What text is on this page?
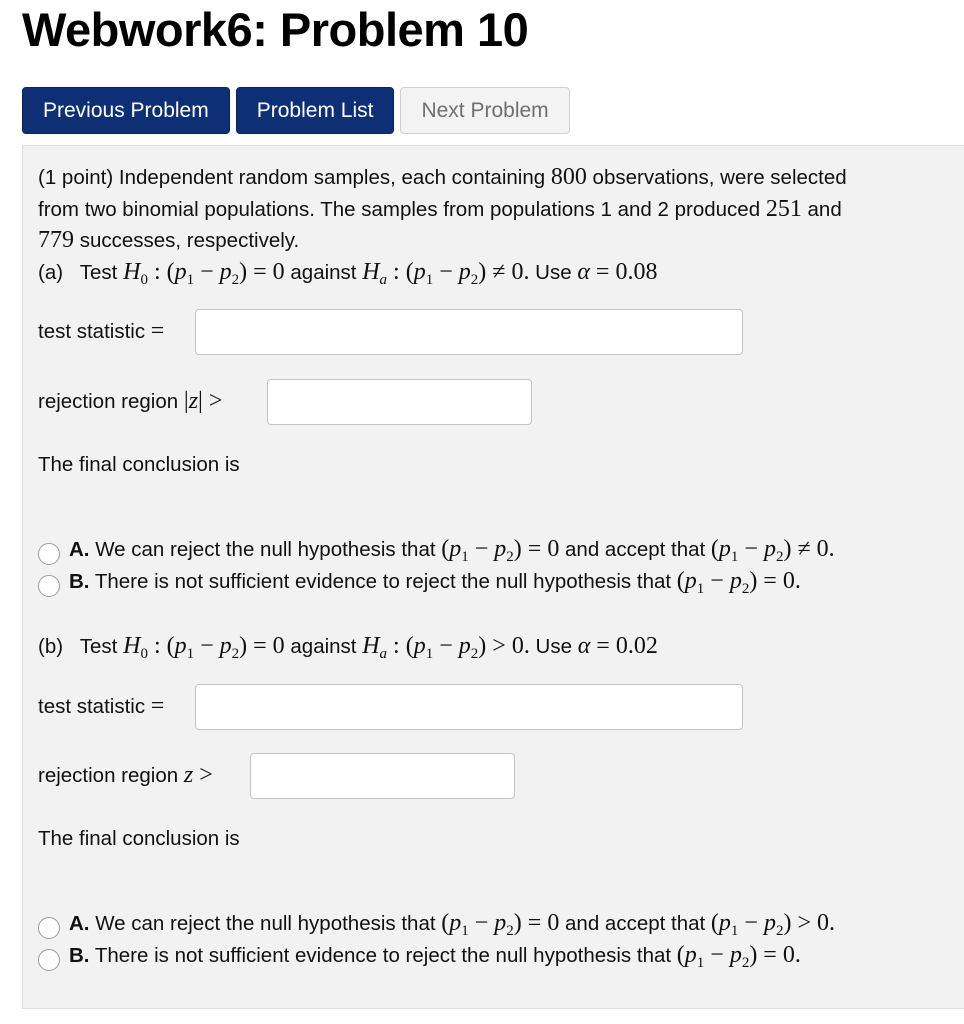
Webwork6: Problem 10
Previous Problem	Problem List	Next Problem
(1 point) Independent random samples, each containing 800 observations, were selected
from two binomial populations. The samples from populations 1 and 2 produced 251 and
779 successes, respectively.
(a) Test $H_0$ : $(p_1 - p_2) = 0$ against $H_a$ : $(p_1 - p_2) \ne 0$. Use α = 0.08
test statistic =
rejection region |z| >
The final conclusion is
A. We can reject the null hypothesis that $(p_1 - p_2) = 0$ and accept that $(p_1 - p_2) \ne 0$.
B. There is not sufficient evidence to reject the null hypothesis that $(p_1 - p_2) = 0$.
(b) Test $H_0$ : $(p_1 - p_2) = 0$ against $H_a$ : $(p_1 - p_2) > 0$. Use α = 0.02
test statistic =
rejection region z >
The final conclusion is
A. We can reject the null hypothesis that $(p_1 - p_2) = 0$ and accept that $(p_1 - p_2) > 0$.
B. There is not sufficient evidence to reject the null hypothesis that $(p_1 - p_2) = 0$.
